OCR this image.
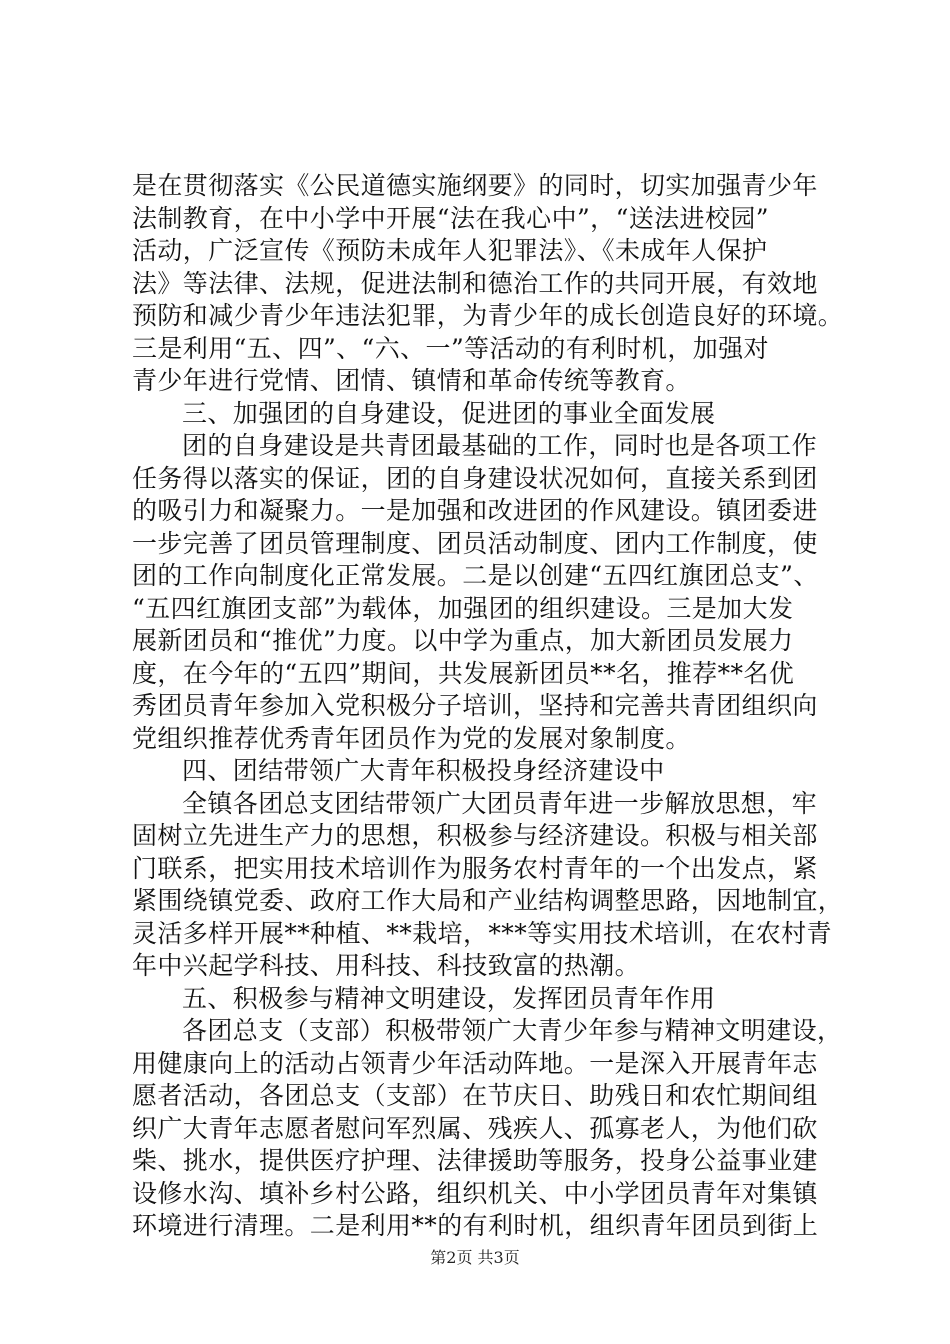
是在贯彻落实《公民道德实施纲要》的同时，切实加强青少年
法制教育，在中小学中开展“法在我心中”，“送法进校园”
活动，广泛宣传《预防未成年人犯罪法》、《未成年人保护
法》等法律、法规，促进法制和德治工作的共同开展，有效地
预防和减少青少年违法犯罪，为青少年的成长创造良好的环境。
三是利用“五、四”、“六、一”等活动的有利时机，加强对
青少年进行党情、团情、镇情和革命传统等教育。
三、加强团的自身建设，促进团的事业全面发展
团的自身建设是共青团最基础的工作，同时也是各项工作
任务得以落实的保证，团的自身建设状况如何，直接关系到团
的吸引力和凝聚力。一是加强和改进团的作风建设。镇团委进
一步完善了团员管理制度、团员活动制度、团内工作制度，使
团的工作向制度化正常发展。二是以创建“五四红旗团总支”、
“五四红旗团支部”为载体，加强团的组织建设。三是加大发
展新团员和“推优”力度。以中学为重点，加大新团员发展力
度，在今年的“五四”期间，共发展新团员**名，推荐**名优
秀团员青年参加入党积极分子培训，坚持和完善共青团组织向
党组织推荐优秀青年团员作为党的发展对象制度。
四、团结带领广大青年积极投身经济建设中
全镇各团总支团结带领广大团员青年进一步解放思想，牢
固树立先进生产力的思想，积极参与经济建设。积极与相关部
门联系，把实用技术培训作为服务农村青年的一个出发点，紧
紧围绕镇党委、政府工作大局和产业结构调整思路，因地制宜，
灵活多样开展**种植、**栽培，***等实用技术培训，在农村青
年中兴起学科技、用科技、科技致富的热潮。
五、积极参与精神文明建设，发挥团员青年作用
各团总支（支部）积极带领广大青少年参与精神文明建设，
用健康向上的活动占领青少年活动阵地。一是深入开展青年志
愿者活动，各团总支（支部）在节庆日、助残日和农忙期间组
织广大青年志愿者慰问军烈属、残疾人、孤寡老人，为他们砍
柴、挑水，提供医疗护理、法律援助等服务，投身公益事业建
设修水沟、填补乡村公路，组织机关、中小学团员青年对集镇
环境进行清理。二是利用**的有利时机，组织青年团员到街上
第2页 共3页
